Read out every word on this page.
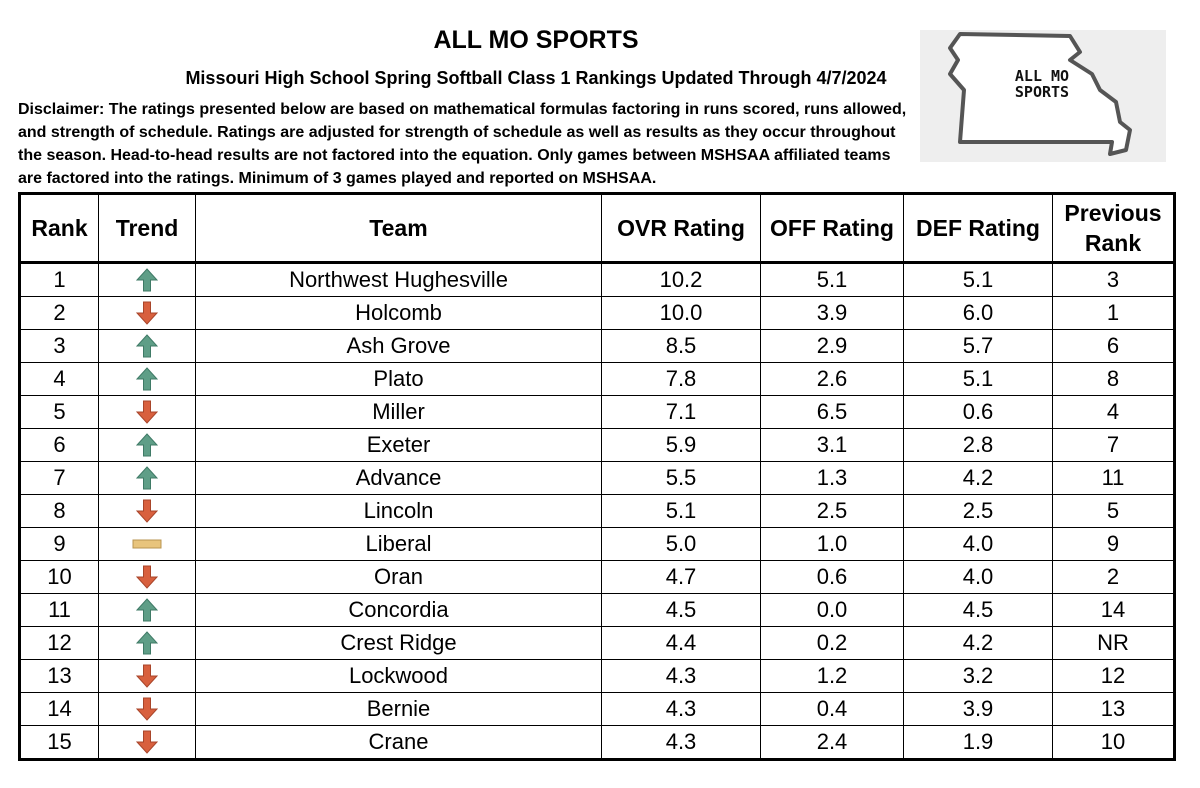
ALL MO SPORTS
Missouri High School Spring Softball Class 1 Rankings Updated Through 4/7/2024
Disclaimer: The ratings presented below are based on mathematical formulas factoring in runs scored, runs allowed, and strength of schedule. Ratings are adjusted for strength of schedule as well as results as they occur throughout the season. Head-to-head results are not factored into the equation. Only games between MSHSAA affiliated teams are factored into the ratings. Minimum of 3 games played and reported on MSHSAA.
ALL MO
SPORTS
Rank	Trend	Team	OVR Rating	OFF Rating	DEF Rating	Previous Rank
1		Northwest Hughesville	10.2	5.1	5.1	3
2		Holcomb	10.0	3.9	6.0	1
3		Ash Grove	8.5	2.9	5.7	6
4		Plato	7.8	2.6	5.1	8
5		Miller	7.1	6.5	0.6	4
6		Exeter	5.9	3.1	2.8	7
7		Advance	5.5	1.3	4.2	11
8		Lincoln	5.1	2.5	2.5	5
9		Liberal	5.0	1.0	4.0	9
10		Oran	4.7	0.6	4.0	2
11		Concordia	4.5	0.0	4.5	14
12		Crest Ridge	4.4	0.2	4.2	NR
13		Lockwood	4.3	1.2	3.2	12
14		Bernie	4.3	0.4	3.9	13
15		Crane	4.3	2.4	1.9	10
